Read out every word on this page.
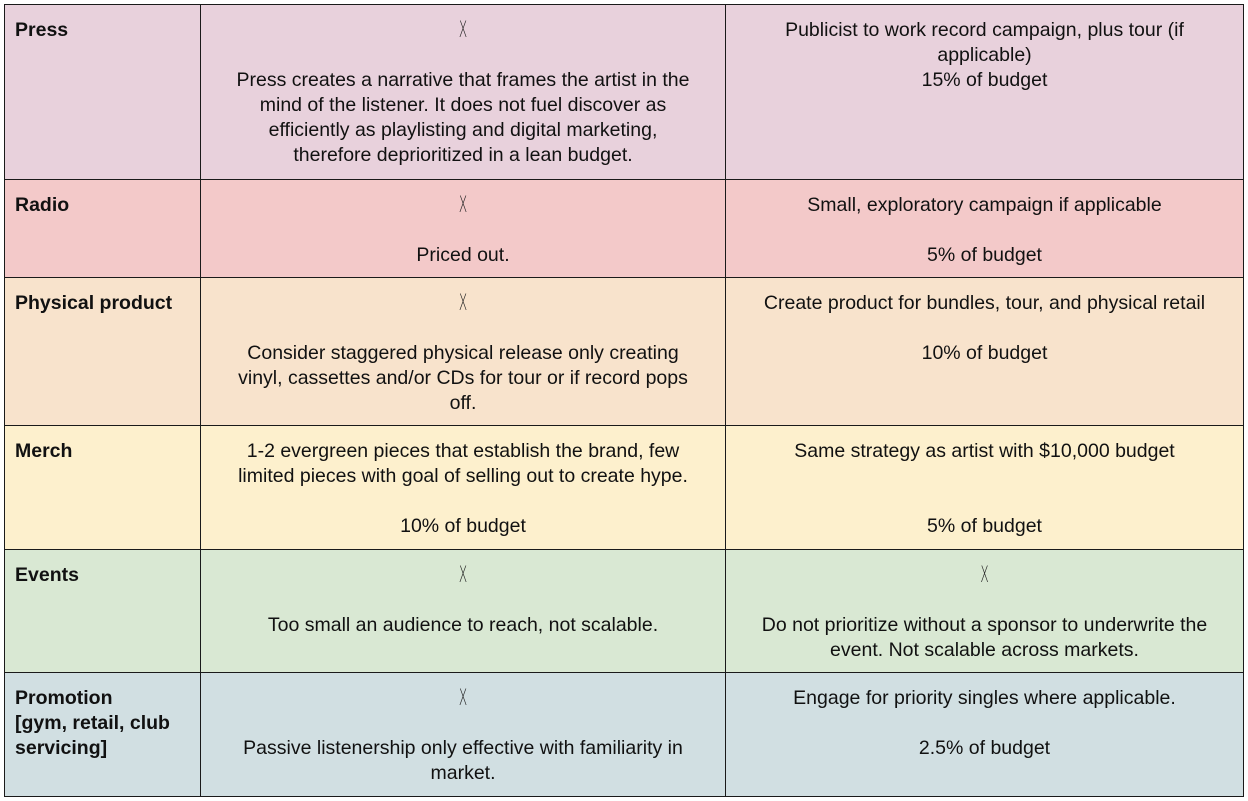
Press	X
Press creates a narrative that frames the artist in the
mind of the listener. It does not fuel discover as
efficiently as playlisting and digital marketing,
therefore deprioritized in a lean budget.	Publicist to work record campaign, plus tour (if
applicable)
15% of budget

Radio	X
Priced out.	Small, exploratory campaign if applicable
5% of budget

Physical product	X
Consider staggered physical release only creating
vinyl, cassettes and/or CDs for tour or if record pops
off.	Create product for bundles, tour, and physical retail
10% of budget

Merch	1-2 evergreen pieces that establish the brand, few
limited pieces with goal of selling out to create hype.
10% of budget	Same strategy as artist with $10,000 budget
5% of budget

Events	X
Too small an audience to reach, not scalable.	X
Do not prioritize without a sponsor to underwrite the
event. Not scalable across markets.

Promotion
[gym, retail, club
servicing]	X
Passive listenership only effective with familiarity in
market.	Engage for priority singles where applicable.
2.5% of budget
